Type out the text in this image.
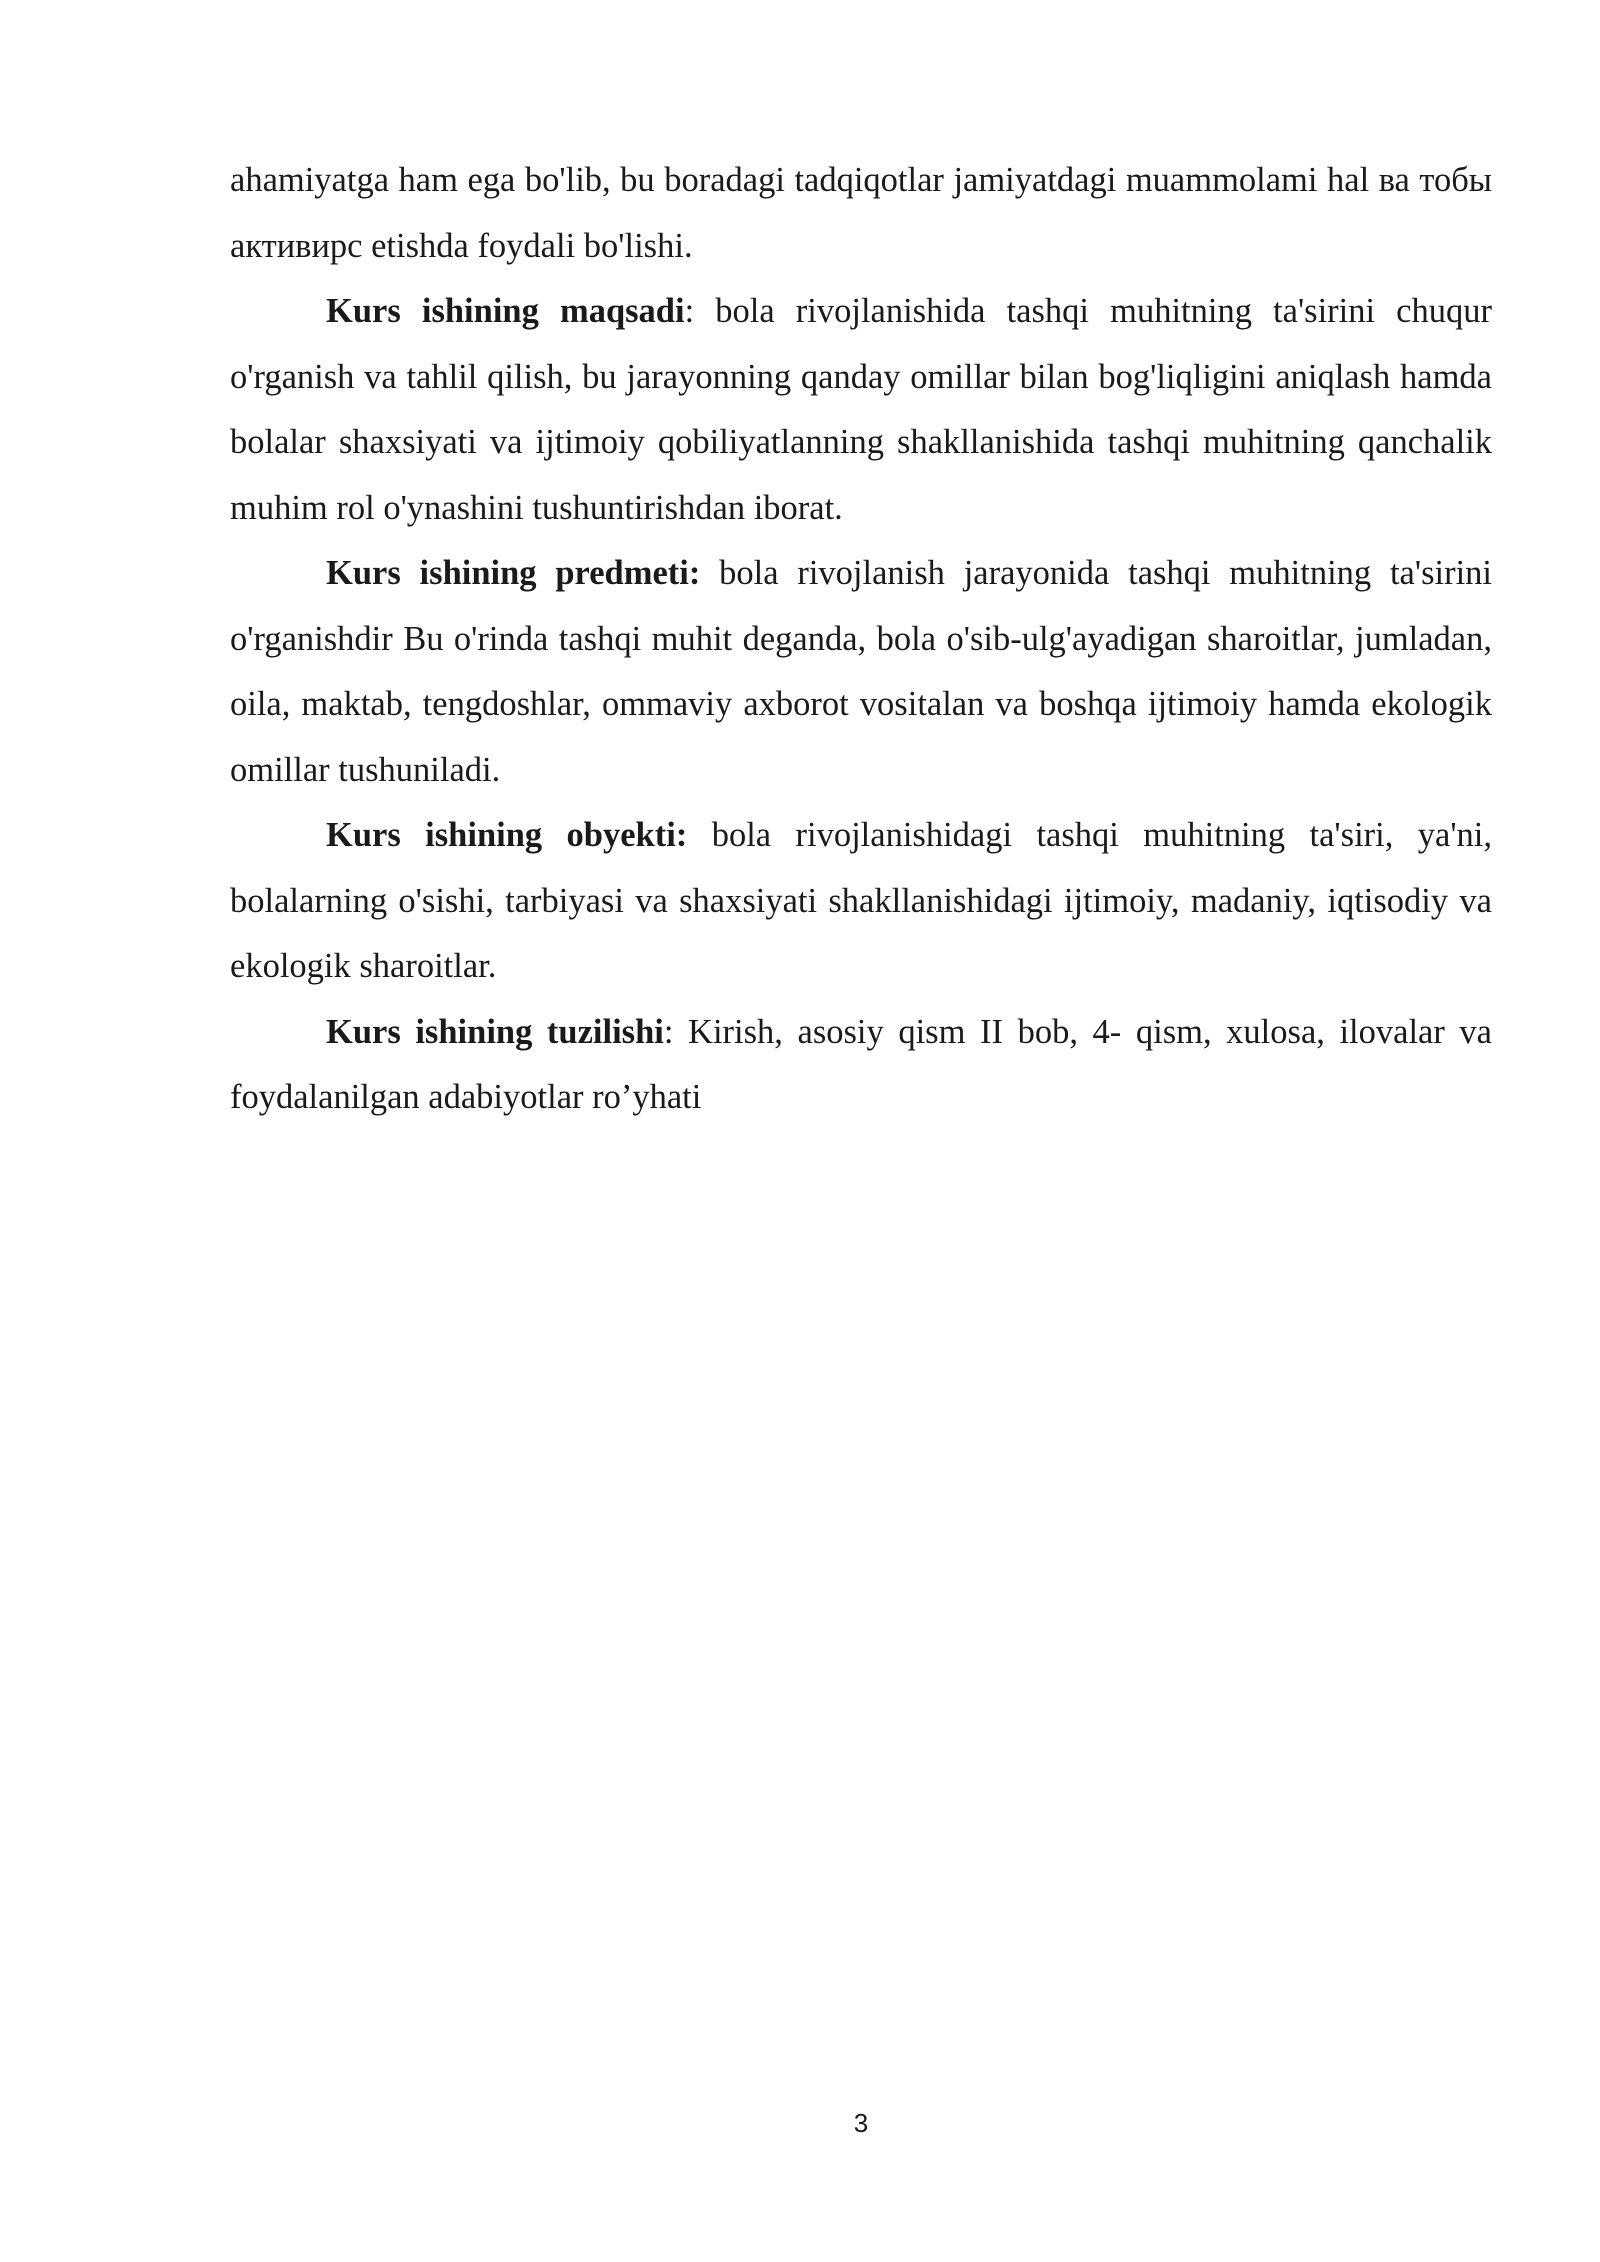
ahamiyatga ham ega bo'lib, bu boradagi tadqiqotlar jamiyatdagi muammolami hal ва тобы активирс etishda foydali bo'lishi.

Kurs ishining maqsadi: bola rivojlanishida tashqi muhitning ta'sirini chuqur o'rganish va tahlil qilish, bu jarayonning qanday omillar bilan bog'liqligini aniqlash hamda bolalar shaxsiyati va ijtimoiy qobiliyatlanning shakllanishida tashqi muhitning qanchalik muhim rol o'ynashini tushuntirishdan iborat.

Kurs ishining predmeti: bola rivojlanish jarayonida tashqi muhitning ta'sirini o'rganishdir Bu o'rinda tashqi muhit deganda, bola o'sib-ulg'ayadigan sharoitlar, jumladan, oila, maktab, tengdoshlar, ommaviy axborot vositalan va boshqa ijtimoiy hamda ekologik omillar tushuniladi.

Kurs ishining obyekti: bola rivojlanishidagi tashqi muhitning ta'siri, ya'ni, bolalarning o'sishi, tarbiyasi va shaxsiyati shakllanishidagi ijtimoiy, madaniy, iqtisodiy va ekologik sharoitlar.

Kurs ishining tuzilishi: Kirish, asosiy qism II bob, 4- qism, xulosa, ilovalar va foydalanilgan adabiyotlar ro’yhati

3
